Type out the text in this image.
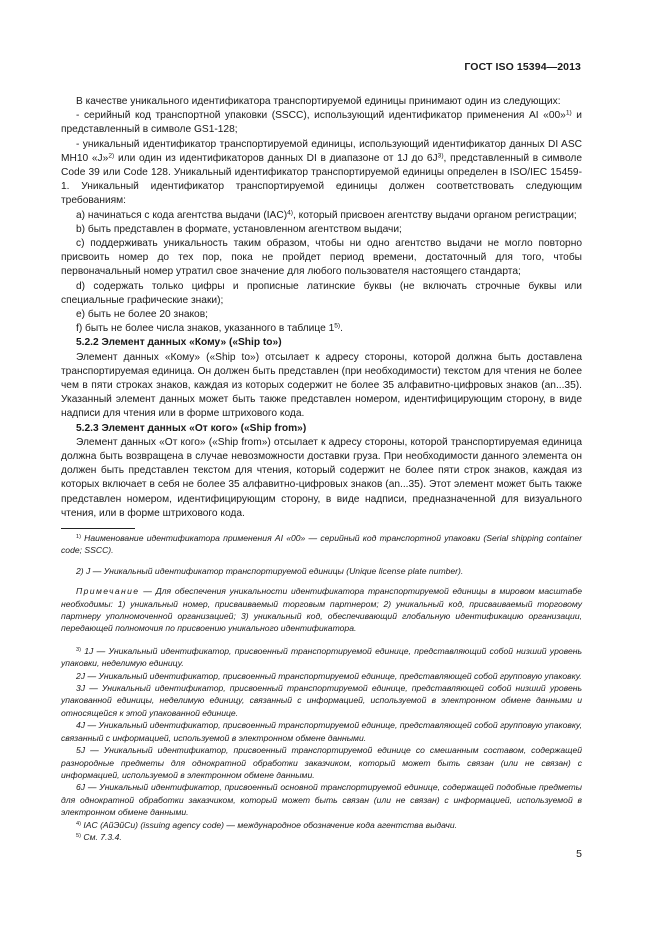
ГОСТ ISO 15394—2013

В качестве уникального идентификатора транспортируемой единицы принимают один из следующих:

- серийный код транспортной упаковки (SSCC), использующий идентификатор применения AI «00»$^{1)}$ и представленный в символе GS1-128;

- уникальный идентификатор транспортируемой единицы, использующий идентификатор данных DI ASC MH10 «J»$^{2)}$ или один из идентификаторов данных DI в диапазоне от 1J до $6J^{3)}$, представленный в символе Code 39 или Code 128. Уникальный идентификатор транспортируемой единицы определен в ISO/IEC 15459-1. Уникальный идентификатор транспортируемой единицы должен соответствовать следующим требованиям:

a) начинаться с кода агентства выдачи (IAC)$^{4)}$, который присвоен агентству выдачи органом регистрации;

b) быть представлен в формате, установленном агентством выдачи;

c) поддерживать уникальность таким образом, чтобы ни одно агентство выдачи не могло повторно присвоить номер до тех пор, пока не пройдет период времени, достаточный для того, чтобы первоначальный номер утратил свое значение для любого пользователя настоящего стандарта;

d) содержать только цифры и прописные латинские буквы (не включать строчные буквы или специальные графические знаки);

e) быть не более 20 знаков;

f) быть не более числа знаков, указанного в таблице 1$^{5)}$.

5.2.2 Элемент данных «Кому» («Ship to»)

Элемент данных «Кому» («Ship to») отсылает к адресу стороны, которой должна быть доставлена транспортируемая единица. Он должен быть представлен (при необходимости) текстом для чтения не более чем в пяти строках знаков, каждая из которых содержит не более 35 алфавитно-цифровых знаков (an...35). Указанный элемент данных может быть также представлен номером, идентифицирующим сторону, в виде надписи для чтения или в форме штрихового кода.

5.2.3 Элемент данных «От кого» («Ship from»)

Элемент данных «От кого» («Ship from») отсылает к адресу стороны, которой транспортируемая единица должна быть возвращена в случае невозможности доставки груза. При необходимости данного элемента он должен быть представлен текстом для чтения, который содержит не более пяти строк знаков, каждая из которых включает в себя не более 35 алфавитно-цифровых знаков (an...35). Этот элемент может быть также представлен номером, идентифицирующим сторону, в виде надписи, предназначенной для визуального чтения, или в форме штрихового кода.

$^{1)}$ Наименование идентификатора применения AI «00» — серийный код транспортной упаковки (Serial shipping container code; SSCC).

2) J — Уникальный идентификатор транспортируемой единицы (Unique license plate number).

Примечание — Для обеспечения уникальности идентификатора транспортируемой единицы в мировом масштабе необходимы: 1) уникальный номер, присваиваемый торговым партнером; 2) уникальный код, присваиваемый торговому партнеру уполномоченной организацией; 3) уникальный код, обеспечивающий глобальную идентификацию организации, передающей полномочия по присвоению уникального идентификатора.

$^{3)}$ 1J — Уникальный идентификатор, присвоенный транспортируемой единице, представляющий собой низший уровень упаковки, неделимую единицу.

2J — Уникальный идентификатор, присвоенный транспортируемой единице, представляющей собой групповую упаковку.

3J — Уникальный идентификатор, присвоенный транспортируемой единице, представляющей собой низший уровень упакованной единицы, неделимую единицу, связанный с информацией, используемой в электронном обмене данными и относящейся к этой упакованной единице.

4J — Уникальный идентификатор, присвоенный транспортируемой единице, представляющей собой групповую упаковку, связанный с информацией, используемой в электронном обмене данными.

5J — Уникальный идентификатор, присвоенный транспортируемой единице со смешанным составом, содержащей разнородные предметы для однократной обработки заказчиком, который может быть связан (или не связан) с информацией, используемой в электронном обмене данными.

6J — Уникальный идентификатор, присвоенный основной транспортируемой единице, содержащей подобные предметы для однократной обработки заказчиком, который может быть связан (или не связан) с информацией, используемой в электронном обмене данными.

$^{4)}$ IAC (АйЭйСи) (issuing agency code) — международное обозначение кода агентства выдачи.

$^{5)}$ См. 7.3.4.

5
